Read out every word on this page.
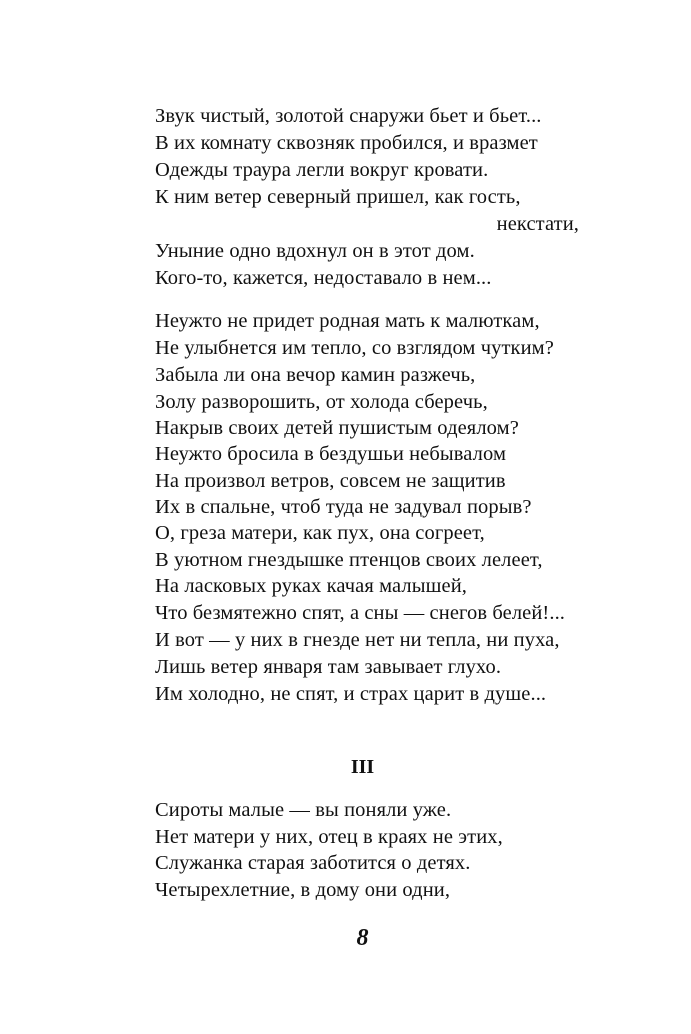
Звук чистый, золотой снаружи бьет и бьет...
В их комнату сквозняк пробился, и вразмет
Одежды траура легли вокруг кровати.
К ним ветер северный пришел, как гость,
некстати,
Уныние одно вдохнул он в этот дом.
Кого-то, кажется, недоставало в нем...
Неужто не придет родная мать к малюткам,
Не улыбнется им тепло, со взглядом чутким?
Забыла ли она вечор камин разжечь,
Золу разворошить, от холода сберечь,
Накрыв своих детей пушистым одеялом?
Неужто бросила в бездушьи небывалом
На произвол ветров, совсем не защитив
Их в спальне, чтоб туда не задувал порыв?
О, греза матери, как пух, она согреет,
В уютном гнездышке птенцов своих лелеет,
На ласковых руках качая малышей,
Что безмятежно спят, а сны — снегов белей!...
И вот — у них в гнезде нет ни тепла, ни пуха,
Лишь ветер января там завывает глухо.
Им холодно, не спят, и страх царит в душе...
III
Сироты малые — вы поняли уже.
Нет матери у них, отец в краях не этих,
Служанка старая заботится о детях.
Четырехлетние, в дому они одни,
8
